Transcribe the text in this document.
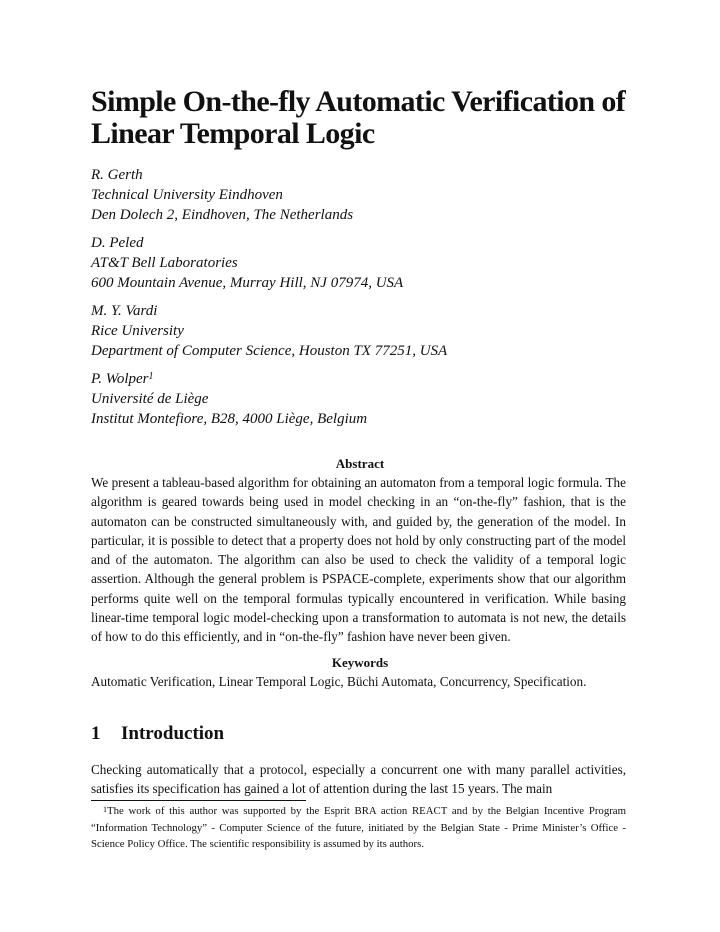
Simple On-the-fly Automatic Verification of
Linear Temporal Logic
R. Gerth
Technical University Eindhoven
Den Dolech 2, Eindhoven, The Netherlands
D. Peled
AT&T Bell Laboratories
600 Mountain Avenue, Murray Hill, NJ 07974, USA
M. Y. Vardi
Rice University
Department of Computer Science, Houston TX 77251, USA
P. Wolper$^1$
Université de Liège
Institut Montefiore, B28, 4000 Liège, Belgium
Abstract
We present a tableau-based algorithm for obtaining an automaton from a temporal logic formula. The algorithm is geared towards being used in model checking in an “on-the-fly” fashion, that is the automaton can be constructed simultaneously with, and guided by, the generation of the model. In particular, it is possible to detect that a property does not hold by only constructing part of the model and of the automaton. The algorithm can also be used to check the validity of a temporal logic assertion. Although the general problem is PSPACE-complete, experiments show that our algorithm performs quite well on the temporal formulas typically encountered in verification. While basing linear-time temporal logic model-checking upon a transformation to automata is not new, the details of how to do this efficiently, and in “on-the-fly” fashion have never been given.
Keywords
Automatic Verification, Linear Temporal Logic, Büchi Automata, Concurrency, Specification.
1 Introduction
Checking automatically that a protocol, especially a concurrent one with many parallel activities, satisfies its specification has gained a lot of attention during the last 15 years. The main
$^1$The work of this author was supported by the Esprit BRA action REACT and by the Belgian Incentive Program “Information Technology” - Computer Science of the future, initiated by the Belgian State - Prime Minister’s Office - Science Policy Office. The scientific responsibility is assumed by its authors.
